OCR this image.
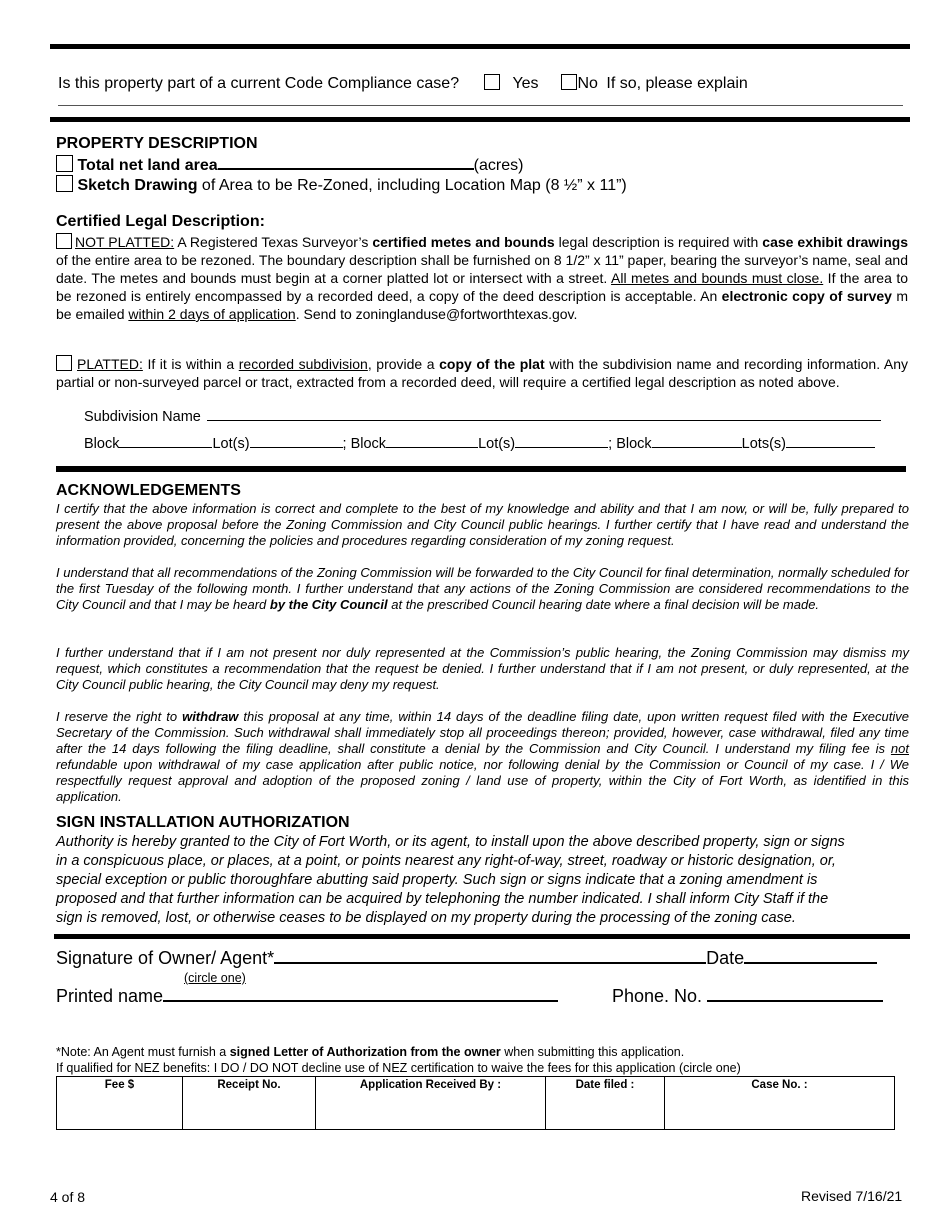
Is this property part of a current Code Compliance case?	Yes No If so, please explain
PROPERTY DESCRIPTION
Total net land area	(acres)
Sketch Drawing of Area to be Re-Zoned, including Location Map (8 ½” x 11”)
Certified Legal Description:
NOT PLATTED: A Registered Texas Surveyor’s certified metes and bounds legal description is required with case exhibit drawings of the entire area to be rezoned. The boundary description shall be furnished on 8 1/2” x 11” paper, bearing the surveyor’s name, seal and date. The metes and bounds must begin at a corner platted lot or intersect with a street. All metes and bounds must close. If the area to be rezoned is entirely encompassed by a recorded deed, a copy of the deed description is acceptable. An electronic copy of survey m be emailed within 2 days of application. Send to zoninglanduse@fortworthtexas.gov.
PLATTED: If it is within a recorded subdivision, provide a copy of the plat with the subdivision name and recording information. Any partial or non-surveyed parcel or tract, extracted from a recorded deed, will require a certified legal description as noted above.
Subdivision Name
Block	Lot(s)	; Block	Lot(s)	; Block	Lots(s)
ACKNOWLEDGEMENTS
I certify that the above information is correct and complete to the best of my knowledge and ability and that I am now, or will be, fully prepared to present the above proposal before the Zoning Commission and City Council public hearings. I further certify that I have read and understand the information provided, concerning the policies and procedures regarding consideration of my zoning request.
I understand that all recommendations of the Zoning Commission will be forwarded to the City Council for final determination, normally scheduled for the first Tuesday of the following month. I further understand that any actions of the Zoning Commission are considered recommendations to the City Council and that I may be heard by the City Council at the prescribed Council hearing date where a final decision will be made.
I further understand that if I am not present nor duly represented at the Commission’s public hearing, the Zoning Commission may dismiss my request, which constitutes a recommendation that the request be denied. I further understand that if I am not present, or duly represented, at the City Council public hearing, the City Council may deny my request.
I reserve the right to withdraw this proposal at any time, within 14 days of the deadline filing date, upon written request filed with the Executive Secretary of the Commission. Such withdrawal shall immediately stop all proceedings thereon; provided, however, case withdrawal, filed any time after the 14 days following the filing deadline, shall constitute a denial by the Commission and City Council. I understand my filing fee is not refundable upon withdrawal of my case application after public notice, nor following denial by the Commission or Council of my case. I / We respectfully request approval and adoption of the proposed zoning / land use of property, within the City of Fort Worth, as identified in this application.
SIGN INSTALLATION AUTHORIZATION
Authority is hereby granted to the City of Fort Worth, or its agent, to install upon the above described property, sign or signs
in a conspicuous place, or places, at a point, or points nearest any right-of-way, street, roadway or historic designation, or,
special exception or public thoroughfare abutting said property. Such sign or signs indicate that a zoning amendment is
proposed and that further information can be acquired by telephoning the number indicated. I shall inform City Staff if the
sign is removed, lost, or otherwise ceases to be displayed on my property during the processing of the zoning case.
Signature of Owner/ Agent*	Date
(circle one)
Printed name	Phone. No.
*Note: An Agent must furnish a signed Letter of Authorization from the owner when submitting this application.
If qualified for NEZ benefits: I DO / DO NOT decline use of NEZ certification to waive the fees for this application (circle one)
Fee $	Receipt No.	Application Received By :	Date filed :	Case No. :
4 of 8	Revised 7/16/21
